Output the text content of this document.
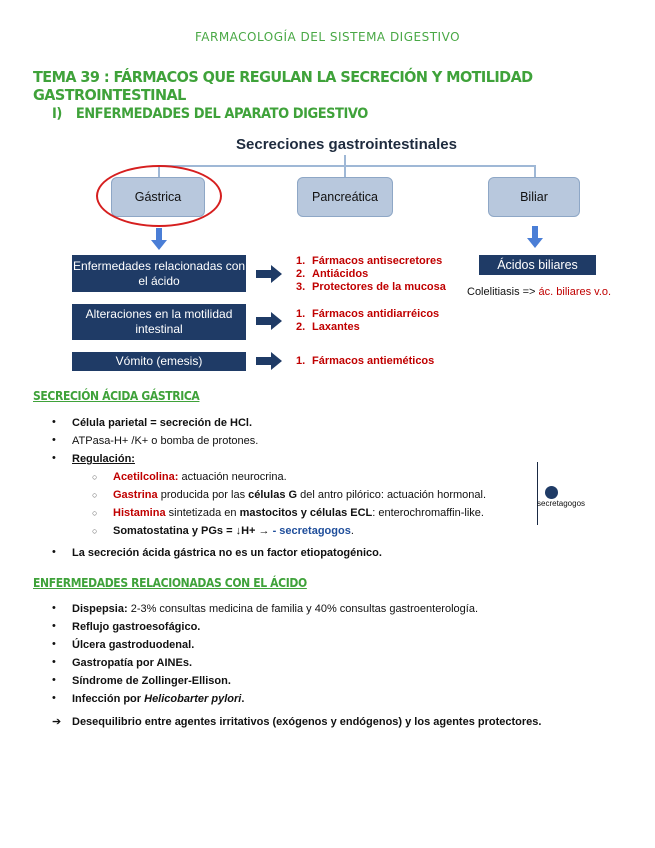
FARMACOLOGÍA DEL SISTEMA DIGESTIVO
TEMA 39 : FÁRMACOS QUE REGULAN LA SECRECIÓN Y MOTILIDAD GASTROINTESTINAL
I) ENFERMEDADES DEL APARATO DIGESTIVO
Secreciones gastrointestinales
Gástrica	Pancreática	Biliar
Enfermedades relacionadas con el ácido
Alteraciones en la motilidad intestinal
Vómito (emesis)
Ácidos biliares
1. Fármacos antisecretores
2. Antiácidos
3. Protectores de la mucosa
1. Fármacos antidiarréicos
2. Laxantes
1. Fármacos antieméticos
Colelitiasis => ác. biliares v.o.
SECRECIÓN ÁCIDA GÁSTRICA
• Célula parietal = secreción de HCl.
• ATPasa-H+ /K+ o bomba de protones.
• Regulación:
○ Acetilcolina: actuación neurocrina.
○ Gastrina producida por las células G del antro pilórico: actuación hormonal.
○ Histamina sintetizada en mastocitos y células ECL: enterochromaffin-like.
○ Somatostatina y PGs = ↓H+ → - secretagogos.
secretagogos
• La secreción ácida gástrica no es un factor etiopatogénico.
ENFERMEDADES RELACIONADAS CON EL ÁCIDO
• Dispepsia: 2-3% consultas medicina de familia y 40% consultas gastroenterología.
• Reflujo gastroesofágico.
• Úlcera gastroduodenal.
• Gastropatía por AINEs.
• Síndrome de Zollinger-Ellison.
• Infección por Helicobarter pylori.
➔ Desequilibrio entre agentes irritativos (exógenos y endógenos) y los agentes protectores.
